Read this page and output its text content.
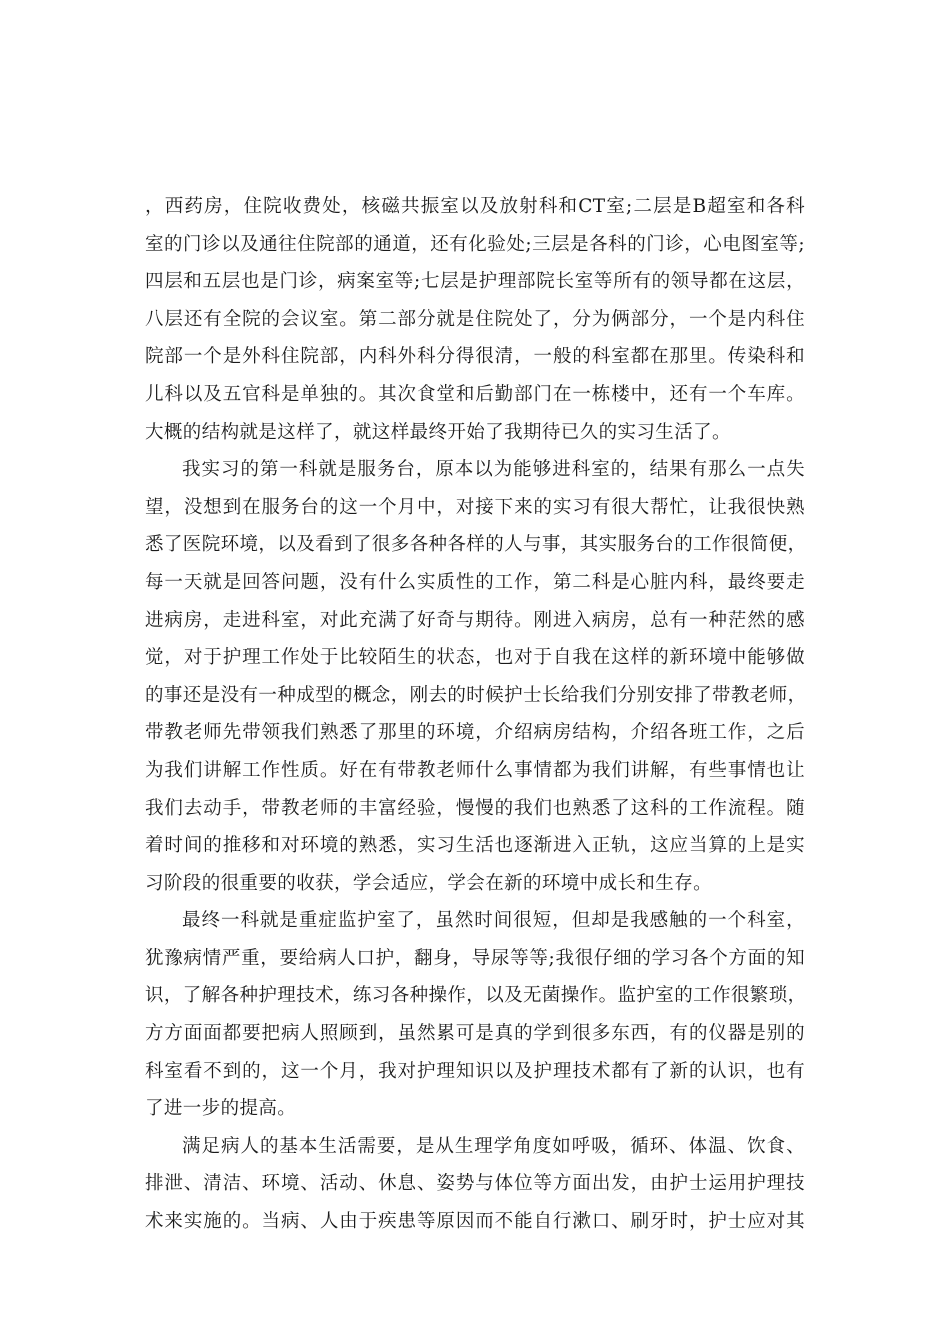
，西药房，住院收费处，核磁共振室以及放射科和CT室;二层是B超室和各科
室的门诊以及通往住院部的通道，还有化验处;三层是各科的门诊，心电图室等;
四层和五层也是门诊，病案室等;七层是护理部院长室等所有的领导都在这层，
八层还有全院的会议室。第二部分就是住院处了，分为俩部分，一个是内科住
院部一个是外科住院部，内科外科分得很清，一般的科室都在那里。传染科和
儿科以及五官科是单独的。其次食堂和后勤部门在一栋楼中，还有一个车库。
大概的结构就是这样了，就这样最终开始了我期待已久的实习生活了。

我实习的第一科就是服务台，原本以为能够进科室的，结果有那么一点失
望，没想到在服务台的这一个月中，对接下来的实习有很大帮忙，让我很快熟
悉了医院环境，以及看到了很多各种各样的人与事，其实服务台的工作很简便，
每一天就是回答问题，没有什么实质性的工作，第二科是心脏内科，最终要走
进病房，走进科室，对此充满了好奇与期待。刚进入病房，总有一种茫然的感
觉，对于护理工作处于比较陌生的状态，也对于自我在这样的新环境中能够做
的事还是没有一种成型的概念，刚去的时候护士长给我们分别安排了带教老师，
带教老师先带领我们熟悉了那里的环境，介绍病房结构，介绍各班工作，之后
为我们讲解工作性质。好在有带教老师什么事情都为我们讲解，有些事情也让
我们去动手，带教老师的丰富经验，慢慢的我们也熟悉了这科的工作流程。随
着时间的推移和对环境的熟悉，实习生活也逐渐进入正轨，这应当算的上是实
习阶段的很重要的收获，学会适应，学会在新的环境中成长和生存。

最终一科就是重症监护室了，虽然时间很短，但却是我感触的一个科室，
犹豫病情严重，要给病人口护，翻身，导尿等等;我很仔细的学习各个方面的知
识，了解各种护理技术，练习各种操作，以及无菌操作。监护室的工作很繁琐，
方方面面都要把病人照顾到，虽然累可是真的学到很多东西，有的仪器是别的
科室看不到的，这一个月，我对护理知识以及护理技术都有了新的认识，也有
了进一步的提高。

满足病人的基本生活需要，是从生理学角度如呼吸，循环、体温、饮食、
排泄、清洁、环境、活动、休息、姿势与体位等方面出发，由护士运用护理技
术来实施的。当病、人由于疾患等原因而不能自行漱口、刷牙时，护士应对其
